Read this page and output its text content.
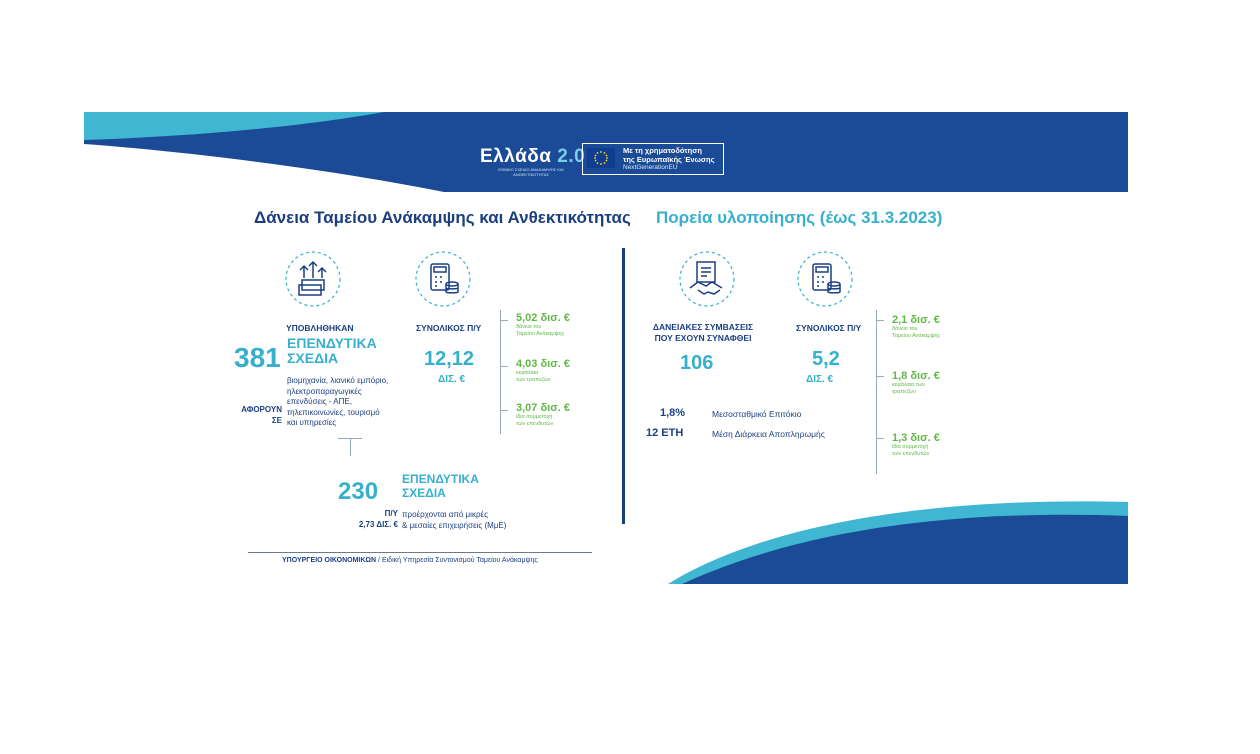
Ελλάδα 2.0
ΕΘΝΙΚΟ ΣΧΕΔΙΟ ΑΝΑΚΑΜΨΗΣ ΚΑΙ ΑΝΘΕΚΤΙΚΟΤΗΤΑΣ
Με τη χρηματοδότηση
της Ευρωπαϊκής Ένωσης
NextGenerationEU
Δάνεια Ταμείου Ανάκαμψης και Ανθεκτικότητας Πορεία υλοποίησης (έως 31.3.2023)
ΥΠΟΒΛΗΘΗΚΑΝ
381 ΕΠΕΝΔΥΤΙΚΑ
ΣΧΕΔΙΑ
ΑΦΟΡΟΥΝ
ΣΕ
βιομηχανία, λιανικό εμπόριο,
ηλεκτροπαραγωγικές
επενδύσεις - ΑΠΕ,
τηλεπικοινωνίες, τουρισμό
και υπηρεσίες
ΣΥΝΟΛΙΚΟΣ Π/Υ
12,12
ΔΙΣ. €
5,02 δισ. €
δάνειο του
Ταμείου Ανάκαμψης
4,03 δισ. €
κεφάλαια
των τραπεζών
3,07 δισ. €
ίδια συμμετοχή
των επενδυτών
230 ΕΠΕΝΔΥΤΙΚΑ
ΣΧΕΔΙΑ
Π/Υ
2,73 ΔΙΣ. €
προέρχονται από μικρές
& μεσαίες επιχειρήσεις (ΜμΕ)
ΥΠΟΥΡΓΕΙΟ ΟΙΚΟΝΟΜΙΚΩΝ / Ειδική Υπηρεσία Συντονισμού Ταμείου Ανάκαμψης
ΔΑΝΕΙΑΚΕΣ ΣΥΜΒΑΣΕΙΣ
ΠΟΥ ΕΧΟΥΝ ΣΥΝΑΦΘΕΙ
106
ΣΥΝΟΛΙΚΟΣ Π/Υ
5,2
ΔΙΣ. €
1,8%	Μεσοσταθμικό Επιτόκιο
12 ΕΤΗ	Μέση Διάρκεια Αποπληρωμής
2,1 δισ. €
δάνειο του
Ταμείου Ανάκαμψης
1,8 δισ. €
κεφάλαια των
τραπεζών
1,3 δισ. €
ίδια συμμετοχή
των επενδυτών
